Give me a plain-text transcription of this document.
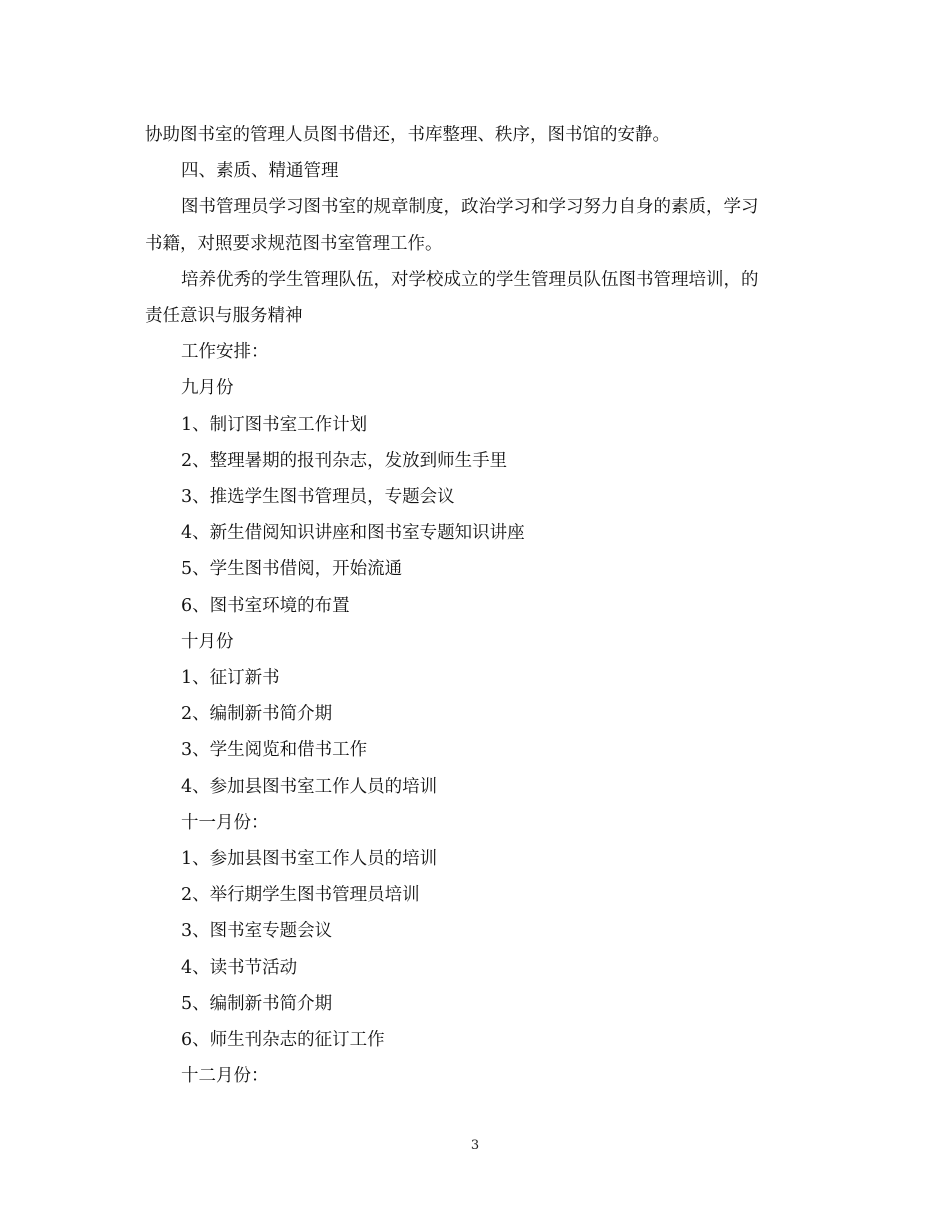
协助图书室的管理人员图书借还，书库整理、秩序，图书馆的安静。

四、素质、精通管理

图书管理员学习图书室的规章制度，政治学习和学习努力自身的素质，学习

书籍，对照要求规范图书室管理工作。

培养优秀的学生管理队伍，对学校成立的学生管理员队伍图书管理培训，的

责任意识与服务精神

工作安排：

九月份

1、制订图书室工作计划

2、整理暑期的报刊杂志，发放到师生手里

3、推选学生图书管理员，专题会议

4、新生借阅知识讲座和图书室专题知识讲座

5、学生图书借阅，开始流通

6、图书室环境的布置

十月份

1、征订新书

2、编制新书简介期

3、学生阅览和借书工作

4、参加县图书室工作人员的培训

十一月份：

1、参加县图书室工作人员的培训

2、举行期学生图书管理员培训

3、图书室专题会议

4、读书节活动

5、编制新书简介期

6、师生刊杂志的征订工作

十二月份：

3
